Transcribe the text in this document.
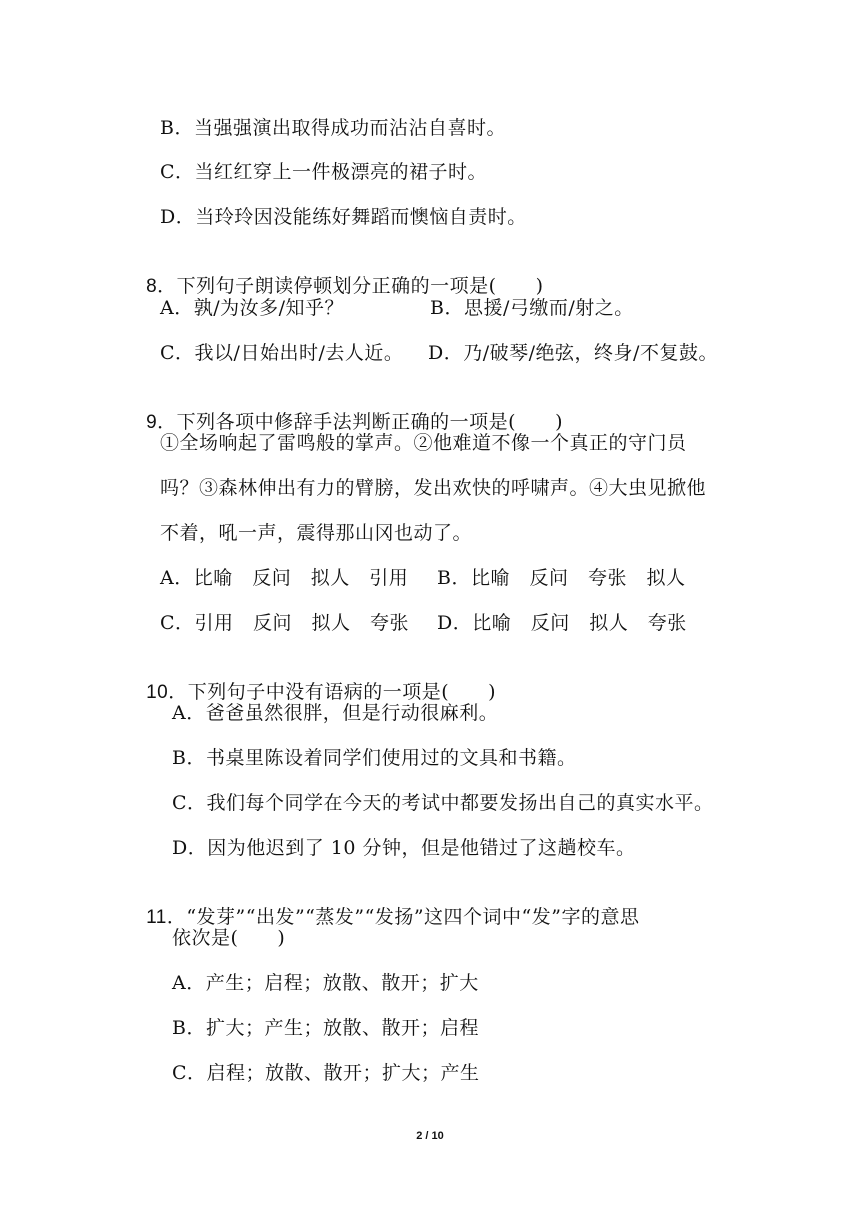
B．当强强演出取得成功而沾沾自喜时。
C．当红红穿上一件极漂亮的裙子时。
D．当玲玲因没能练好舞蹈而懊恼自责时。

8．下列句子朗读停顿划分正确的一项是(　　)

A．孰/为汝多/知乎？	B．思援/弓缴而/射之。
C．我以/日始出时/去人近。 D．乃/破琴/绝弦，终身/不复鼓。

9．下列各项中修辞手法判断正确的一项是(　　)

①全场响起了雷鸣般的掌声。②他难道不像一个真正的守门员
吗？③森林伸出有力的臂膀，发出欢快的呼啸声。④大虫见掀他
不着，吼一声，震得那山冈也动了。
A．比喻　反问　拟人　引用 B．比喻　反问　夸张　拟人
C．引用　反问　拟人　夸张 D．比喻　反问　拟人　夸张

10．下列句子中没有语病的一项是(　　)

A．爸爸虽然很胖，但是行动很麻利。
B．书桌里陈设着同学们使用过的文具和书籍。
C．我们每个同学在今天的考试中都要发扬出自己的真实水平。
D．因为他迟到了 10 分钟，但是他错过了这趟校车。

11．“发芽”“出发”“蒸发”“发扬”这四个词中“发”字的意思

依次是(　　)
A．产生；启程；放散、散开；扩大
B．扩大；产生；放散、散开；启程
C．启程；放散、散开；扩大；产生
2 / 10
